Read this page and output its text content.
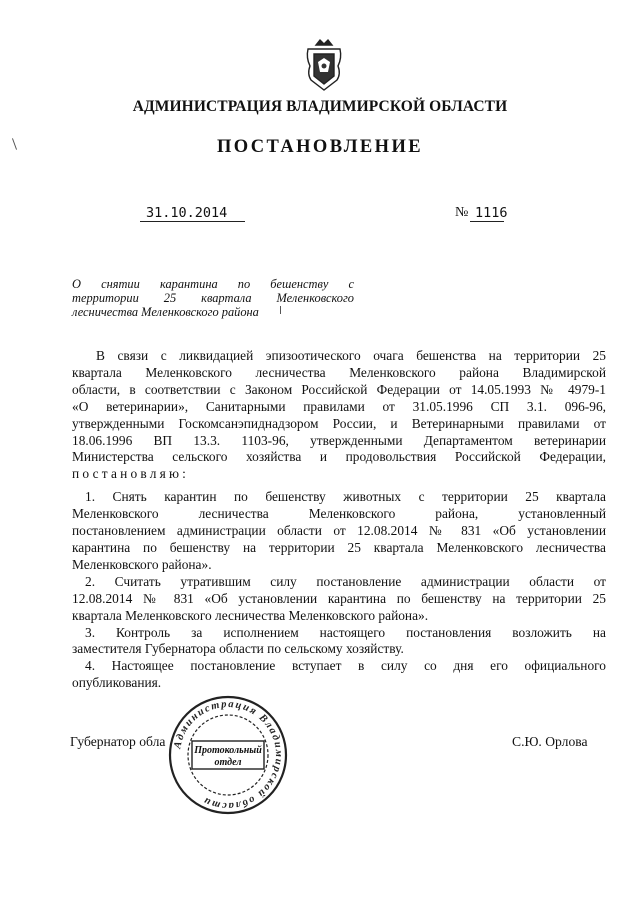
АДМИНИСТРАЦИЯ ВЛАДИМИРСКОЙ ОБЛАСТИ
ПОСТАНОВЛЕНИЕ
31.10.2014	№ 1116
О снятии карантина по бешенству с
территории 25 квартала Меленковского
лесничества Меленковского района
В связи с ликвидацией эпизоотического очага бешенства на территории 25
квартала Меленковского лесничества Меленковского района Владимирской
области, в соответствии с Законом Российской Федерации от 14.05.1993 № 4979-1
«О ветеринарии», Санитарными правилами от 31.05.1996 СП 3.1. 096-96,
утвержденными Госкомсанэпиднадзором России, и Ветеринарными правилами от
18.06.1996 ВП 13.3. 1103-96, утвержденными Департаментом ветеринарии
Министерства сельского хозяйства и продовольствия Российской Федерации,
постановляю:
1. Снять карантин по бешенству животных с территории 25 квартала
Меленковского лесничества Меленковского района, установленный
постановлением администрации области от 12.08.2014 № 831 «Об установлении
карантина по бешенству на территории 25 квартала Меленковского лесничества
Меленковского района».
2. Считать утратившим силу постановление администрации области от
12.08.2014 № 831 «Об установлении карантина по бешенству на территории 25
квартала Меленковского лесничества Меленковского района».
3. Контроль за исполнением настоящего постановления возложить на
заместителя Губернатора области по сельскому хозяйству.
4. Настоящее постановление вступает в силу со дня его официального
опубликования.
Губернатор обла	С.Ю. Орлова
Администрация Владимирской области
Протокольный
отдел
